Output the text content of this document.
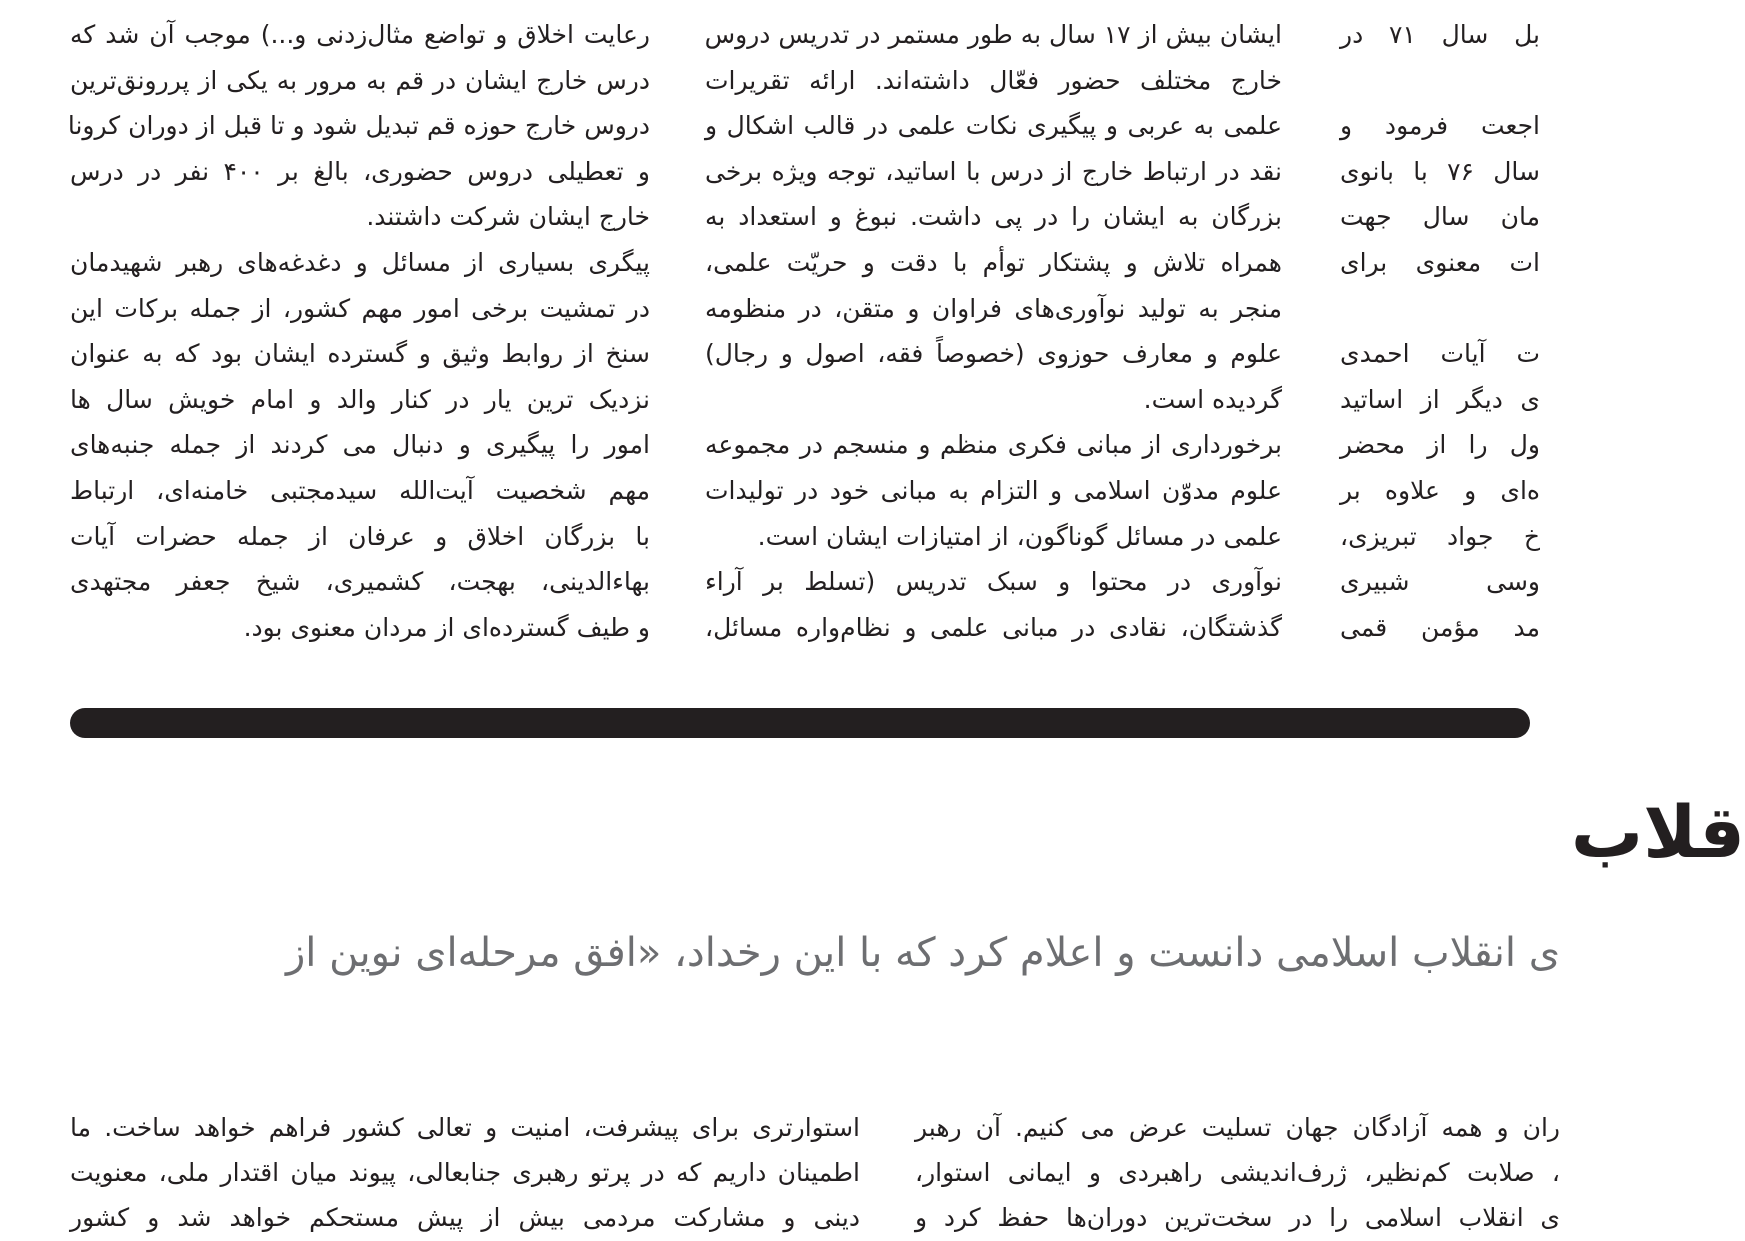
رعایت اخلاق و تواضع مثال‌زدنی و...) موجب آن شد که
درس خارج ایشان در قم به مرور به یکی از پررونق‌ترین
دروس خارج حوزه قم تبدیل شود و تا قبل از دوران کرونا
و تعطیلی دروس حضوری، بالغ بر ۴۰۰ نفر در درس
خارج ایشان شرکت داشتند.
پیگری بسیاری از مسائل و دغدغه‌های رهبر شهیدمان
در تمشیت برخی امور مهم کشور، از جمله برکات این
سنخ از روابط وثیق و گسترده ایشان بود که به عنوان
نزدیک ترین یار در کنار والد و امام خویش سال ها
امور را پیگیری و دنبال می کردند از جمله جنبه‌های
مهم شخصیت آیت‌الله سیدمجتبی خامنه‌ای، ارتباط
با بزرگان اخلاق و عرفان از جمله حضرات آیات
بهاءالدینی، بهجت، کشمیری، شیخ جعفر مجتهدی
و طیف گسترده‌ای از مردان معنوی بود.
ایشان بیش از ۱۷ سال به طور مستمر در تدریس دروس
خارج مختلف حضور فعّال داشته‌اند. ارائه تقریرات
علمی به عربی و پیگیری نکات علمی در قالب اشکال و
نقد در ارتباط خارج از درس با اساتید، توجه ویژه برخی
بزرگان به ایشان را در پی داشت. نبوغ و استعداد به
همراه تلاش و پشتکار توأم با دقت و حریّت علمی،
منجر به تولید نوآوری‌های فراوان و متقن، در منظومه
علوم و معارف حوزوی (خصوصاً فقه، اصول و رجال)
گردیده است.
برخورداری از مبانی فکری منظم و منسجم در مجموعه
علوم مدوّن اسلامی و التزام به مبانی خود در تولیدات
علمی در مسائل گوناگون، از امتیازات ایشان است.
نوآوری در محتوا و سبک تدریس (تسلط بر آراء
گذشتگان، نقادی در مبانی علمی و نظام‌واره مسائل،
بل سال ۷۱ در
اجعت فرمود و
سال ۷۶ با بانوی
مان سال جهت
ات معنوی برای
ت آیات احمدی
ی دیگر از اساتید
ول را از محضر
ه‌ای و علاوه بر
خ جواد تبریزی،
وسی شبیری
مد مؤمن قمی
قلاب
ی انقلاب اسلامی دانست و اعلام کرد که با این رخداد، «افق مرحله‌ای نوین از
استوارتری برای پیشرفت، امنیت و تعالی کشور فراهم خواهد ساخت. ما
اطمینان داریم که در پرتو رهبری جنابعالی، پیوند میان اقتدار ملی، معنویت
دینی و مشارکت مردمی بیش از پیش مستحکم خواهد شد و کشور
ران و همه آزادگان جهان تسلیت عرض می کنیم. آن رهبر
، صلابت کم‌نظیر، ژرف‌اندیشی راهبردی و ایمانی استوار،
ی انقلاب اسلامی را در سخت‌ترین دوران‌ها حفظ کرد و
